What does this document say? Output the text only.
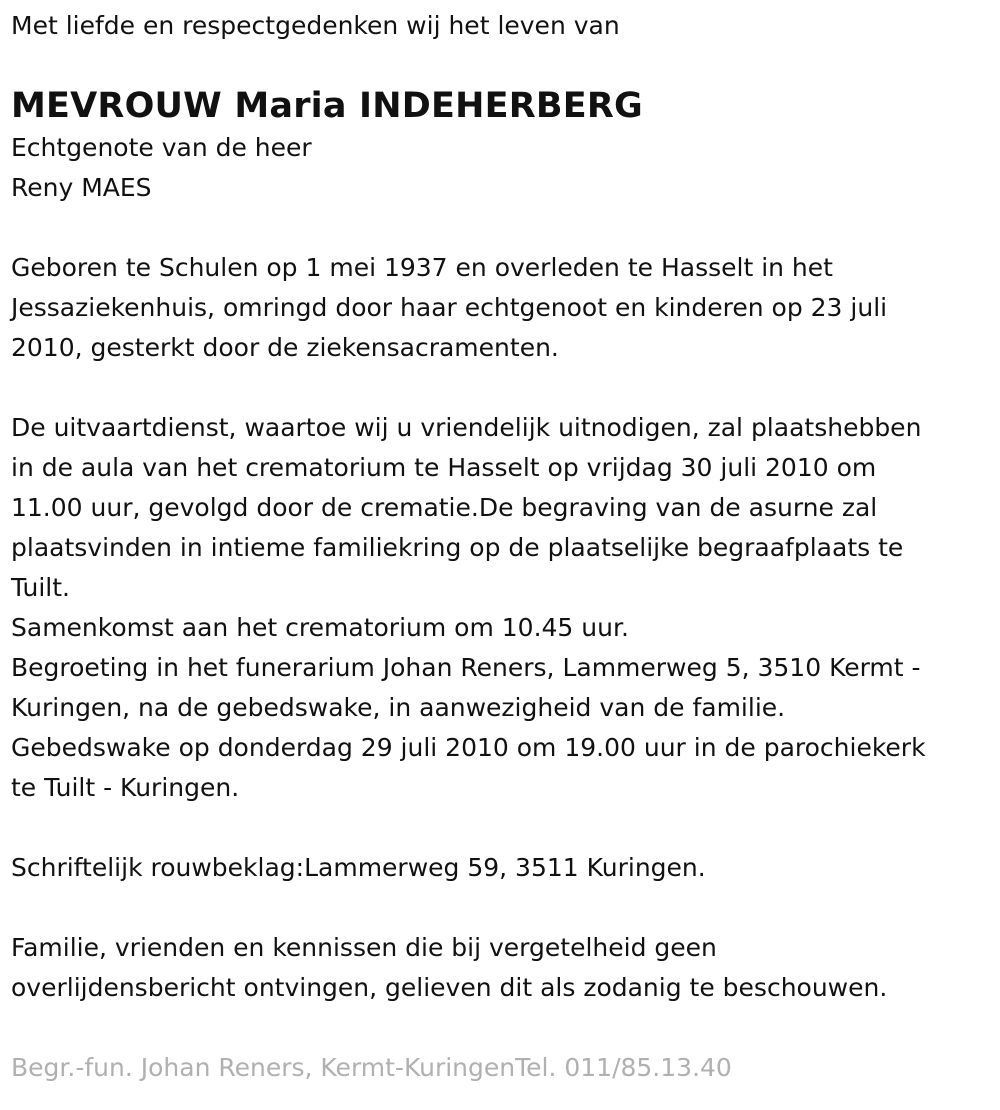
Met liefde en respectgedenken wij het leven van

MEVROUW Maria INDEHERBERG

Echtgenote van de heer

Reny MAES

Geboren te Schulen op 1 mei 1937 en overleden te Hasselt in het

Jessaziekenhuis, omringd door haar echtgenoot en kinderen op 23 juli

2010, gesterkt door de ziekensacramenten.

De uitvaartdienst, waartoe wij u vriendelijk uitnodigen, zal plaatshebben

in de aula van het crematorium te Hasselt op vrijdag 30 juli 2010 om

11.00 uur, gevolgd door de crematie.De begraving van de asurne zal

plaatsvinden in intieme familiekring op de plaatselijke begraafplaats te

Tuilt.

Samenkomst aan het crematorium om 10.45 uur.

Begroeting in het funerarium Johan Reners, Lammerweg 5, 3510 Kermt -

Kuringen, na de gebedswake, in aanwezigheid van de familie.

Gebedswake op donderdag 29 juli 2010 om 19.00 uur in de parochiekerk

te Tuilt - Kuringen.

Schriftelijk rouwbeklag:Lammerweg 59, 3511 Kuringen.

Familie, vrienden en kennissen die bij vergetelheid geen

overlijdensbericht ontvingen, gelieven dit als zodanig te beschouwen.

Begr.-fun. Johan Reners, Kermt-KuringenTel. 011/85.13.40
